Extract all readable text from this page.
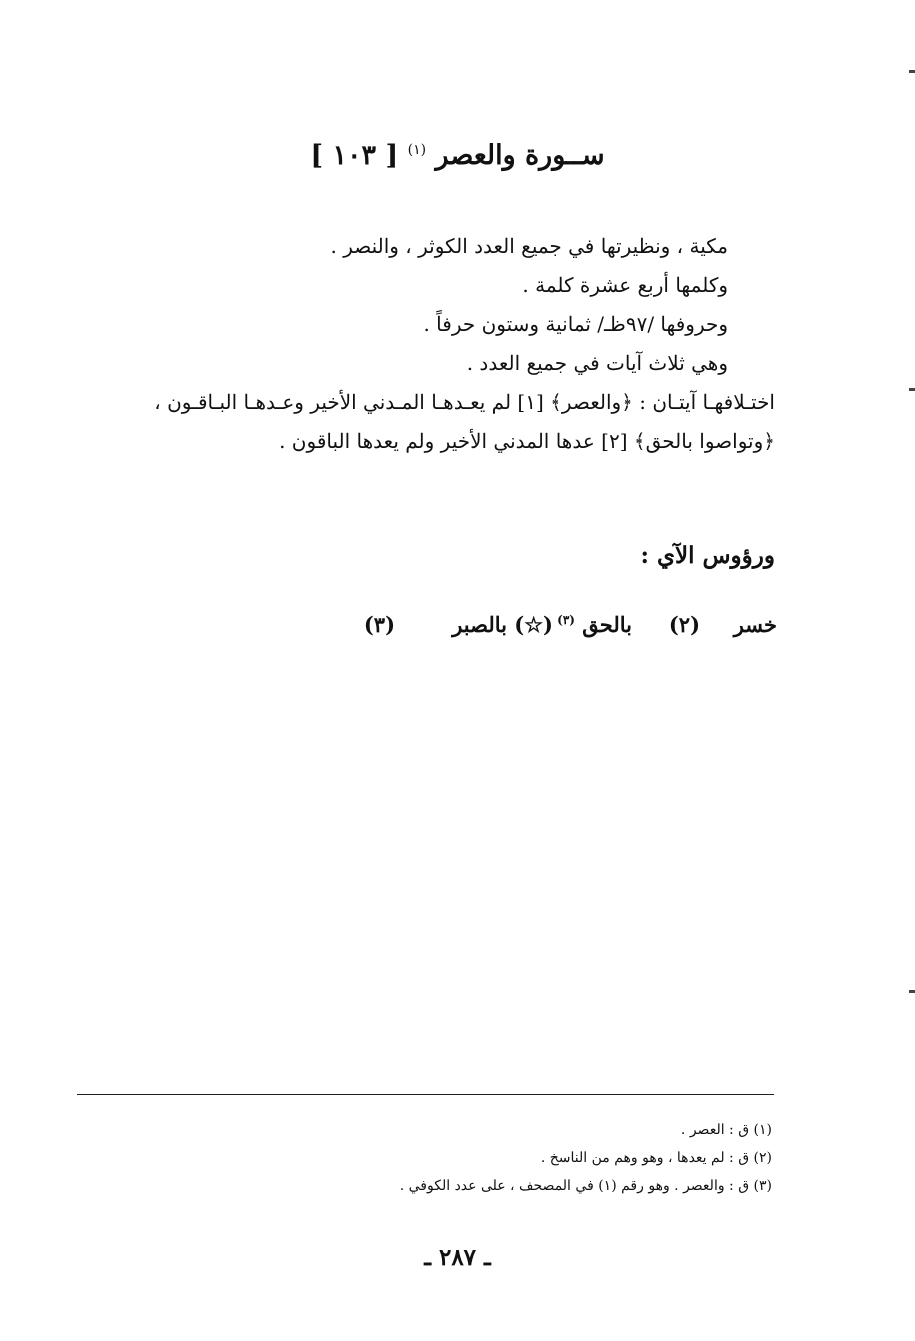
ســورة والعصر $^{(١)}$ [ ١٠٣ ]
مكية ، ونظيرتها في جميع العدد الكوثر ، والنصر .
وكلمها أربع عشرة كلمة .
وحروفها /٩٧ظـ/ ثمانية وستون حرفاً .
وهي ثلاث آيات في جميع العدد .
اختـلافهـا آيتـان : ﴿والعصر﴾ [١] لم يعـدهـا المـدني الأخير وعـدهـا البـاقـون ،
﴿وتواصوا بالحق﴾ [٢] عدها المدني الأخير ولم يعدها الباقون .
ورؤوس الآي :
خسر
(٢)
بالحق $^{(٣)}$
(☆) بالصبر
(٣)
(١) ق : العصر .
(٢) ق : لم يعدها ، وهو وهم من الناسخ .
(٣) ق : والعصر . وهو رقم (١) في المصحف ، على عدد الكوفي .
ـ ٢٨٧ ـ
